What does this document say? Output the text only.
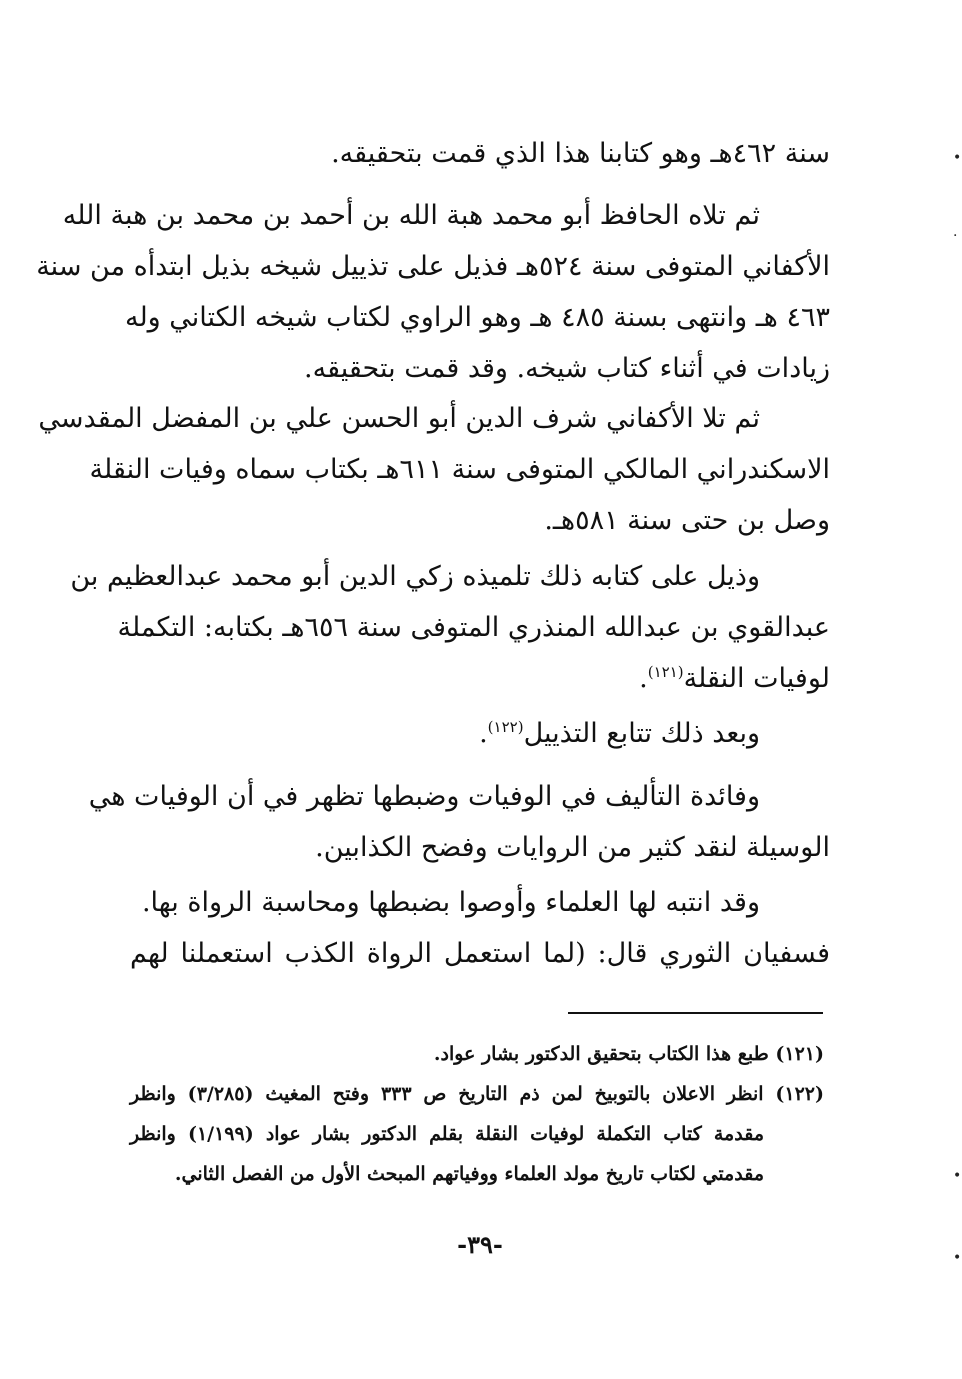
سنة ٤٦٢هـ وهو كتابنا هذا الذي قمت بتحقيقه.
ثم تلاه الحافظ أبو محمد هبة الله بن أحمد بن محمد بن هبة الله
الأكفاني المتوفى سنة ٥٢٤هـ فذيل على تذييل شيخه بذيل ابتدأه من سنة
٤٦٣ هـ وانتهى بسنة ٤٨٥ هـ وهو الراوي لكتاب شيخه الكتاني وله
زيادات في أثناء كتاب شيخه. وقد قمت بتحقيقه.
ثم تلا الأكفاني شرف الدين أبو الحسن علي بن المفضل المقدسي
الاسكندراني المالكي المتوفى سنة ٦١١هـ بكتاب سماه وفيات النقلة
وصل بن حتى سنة ٥٨١هـ.
وذيل على كتابه ذلك تلميذه زكي الدين أبو محمد عبدالعظيم بن
عبدالقوي بن عبدالله المنذري المتوفى سنة ٦٥٦هـ بكتابه: التكملة
لوفيات النقلة$^{(١٢١)}$.
وبعد ذلك تتابع التذييل$^{(١٢٢)}$.
وفائدة التأليف في الوفيات وضبطها تظهر في أن الوفيات هي
الوسيلة لنقد كثير من الروايات وفضح الكذابين.
وقد انتبه لها العلماء وأوصوا بضبطها ومحاسبة الرواة بها.
فسفيان الثوري قال: (لما استعمل الرواة الكذب استعملنا لهم
(١٢١) طبع هذا الكتاب بتحقيق الدكتور بشار عواد.
(١٢٢) انظر الاعلان بالتوبيخ لمن ذم التاريخ ص ٣٣٣ وفتح المغيث (٣/٢٨٥) وانظر
مقدمة كتاب التكملة لوفيات النقلة بقلم الدكتور بشار عواد (١/١٩٩) وانظر
مقدمتي لكتاب تاريخ مولد العلماء ووفياتهم المبحث الأول من الفصل الثاني.
-٣٩-
•
·
•
•
